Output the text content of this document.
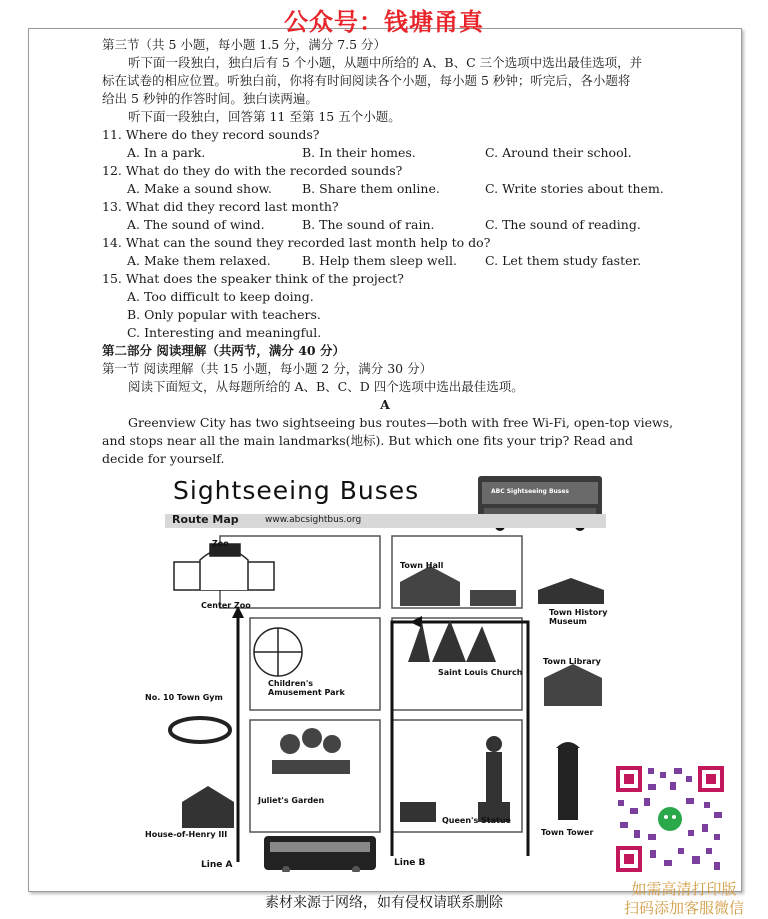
公众号：钱塘甬真
第三节（共 5 小题，每小题 1.5 分，满分 7.5 分）
听下面一段独白，独白后有 5 个小题，从题中所给的 A、B、C 三个选项中选出最佳选项，并
标在试卷的相应位置。听独白前，你将有时间阅读各个小题，每小题 5 秒钟；听完后，各小题将
给出 5 秒钟的作答时间。独白读两遍。
听下面一段独白，回答第 11 至第 15 五个小题。
11. Where do they record sounds?
A. In a park.	B. In their homes.	C. Around their school.
12. What do they do with the recorded sounds?
A. Make a sound show.	B. Share them online.	C. Write stories about them.
13. What did they record last month?
A. The sound of wind.	B. The sound of rain.	C. The sound of reading.
14. What can the sound they recorded last month help to do?
A. Make them relaxed.	B. Help them sleep well.	C. Let them study faster.
15. What does the speaker think of the project?
A. Too difficult to keep doing.
B. Only popular with teachers.
C. Interesting and meaningful.
第二部分 阅读理解（共两节，满分 40 分）
第一节 阅读理解（共 15 小题，每小题 2 分，满分 30 分）
阅读下面短文，从每题所给的 A、B、C、D 四个选项中选出最佳选项。
A
Greenview City has two sightseeing bus routes—both with free Wi-Fi, open-top views,
and stops near all the main landmarks(地标). But which one fits your trip? Read and
decide for yourself.
Sightseeing Buses
Route Map	www.abcsightbus.org
ABC Sightseeing Buses
Zoo
Center Zoo
Town Hall
Town History Museum
Children's Amusement Park
Saint Louis Church
Town Library
No. 10 Town Gym
Juliet's Garden
House-of-Henry III
Queen's Statue
Town Tower
Line A	Line B
素材来源于网络，如有侵权请联系删除
如需高清打印版
扫码添加客服微信
